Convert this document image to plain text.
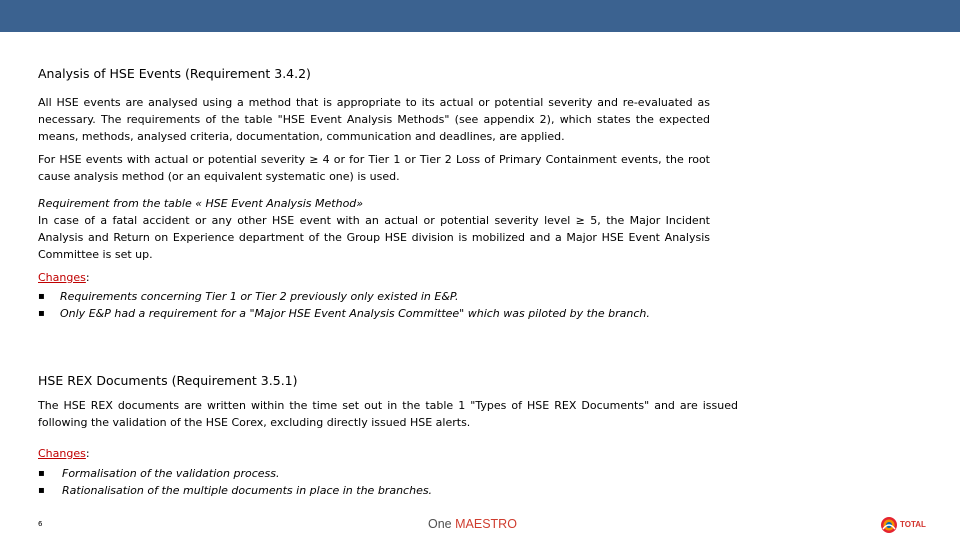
Analysis of HSE Events (Requirement 3.4.2)

All HSE events are analysed using a method that is appropriate to its actual or potential severity and re-evaluated as necessary. The requirements of the table "HSE Event Analysis Methods" (see appendix 2), which states the expected means, methods, analysed criteria, documentation, communication and deadlines, are applied.

For HSE events with actual or potential severity ≥ 4 or for Tier 1 or Tier 2 Loss of Primary Containment events, the root cause analysis method (or an equivalent systematic one) is used.

Requirement from the table « HSE Event Analysis Method»

In case of a fatal accident or any other HSE event with an actual or potential severity level ≥ 5, the Major Incident Analysis and Return on Experience department of the Group HSE division is mobilized and a Major HSE Event Analysis Committee is set up.

Changes:
▪ Requirements concerning Tier 1 or Tier 2 previously only existed in E&P.
▪ Only E&P had a requirement for a "Major HSE Event Analysis Committee" which was piloted by the branch.
HSE REX Documents (Requirement 3.5.1)

The HSE REX documents are written within the time set out in the table 1 "Types of HSE REX Documents" and are issued following the validation of the HSE Corex, excluding directly issued HSE alerts.

Changes:
▪ Formalisation of the validation process.
▪ Rationalisation of the multiple documents in place in the branches.
6	One MAESTRO	TOTAL
